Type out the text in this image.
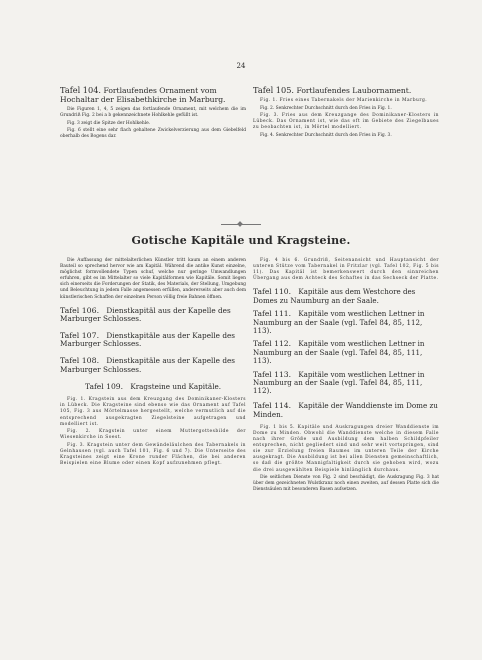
24
Tafel 104. Fortlaufendes Ornament vom Hochaltar der Elisabethkirche in Marburg.

Die Figuren 1, 4, 5 zeigen das fortlaufende Ornament, mit welchem die im Grundriß Fig. 2 bei a b gekennzeichnete Hohlkehle gefüllt ist.

Fig. 3 zeigt die Spitze der Hohlkehle.

Fig. 6 stellt eine sehr flach gehaltene Zwickelverzierung aus dem Giebelfeld oberhalb des Bogens dar.

Tafel 105. Fortlaufendes Laubornament.

Fig. 1. Fries eines Tabernakels der Marienkirche in Marburg.

Fig. 2. Senkrechter Durchschnitt durch den Fries in Fig. 1.

Fig. 3. Fries aus dem Kreuzgange des Dominikaner-Klosters in Lübeck. Das Ornament ist, wie das oft im Gebiete des Ziegelbaues zu beobachten ist, in Mörtel modelliert.

Fig. 4. Senkrechter Durchschnitt durch den Fries in Fig. 3.

Gotische Kapitäle und Kragsteine.

Die Auffassung der mittelalterlichen Künstler tritt kaum an einem anderen Bauteil so sprechend hervor wie am Kapitäl. Während die antike Kunst einzelne, möglichst formvollendete Typen schuf, welche nur geringe Umwandlungen erfuhren, gibt es im Mittelalter so viele Kapitälformen wie Kapitäle. Somit liegen sich einerseits die Forderungen der Statik, des Materials, der Stellung, Umgebung und Beleuchtung in jedem Falle angemessen erfüllen, andererseits aber auch dem künstlerischen Schaffen der einzelnen Person völlig freie Bahnen öffnen.

Tafel 106. Dienstkapitäl aus der Kapelle des Marburger Schlosses.
Tafel 107. Dienstkapitäle aus der Kapelle des Marburger Schlosses.
Tafel 108. Dienstkapitäle aus der Kapelle des Marburger Schlosses.
Tafel 109. Kragsteine und Kapitäle.

Fig. 1. Kragstein aus dem Kreuzgang des Dominikaner-Klosters in Lübeck. Die Kragsteine sind ebenso wie das Ornament auf Tafel 105, Fig. 3 aus Mörtelmasse hergestellt, welche vermutlich auf die entsprechend ausgekragten Ziegelsteine aufgetragen und modelliert ist.

Fig. 2. Kragstein unter einem Muttergottesbilde der Wiesenkirche in Soest.

Fig. 3. Kragstein unter dem Gewändeläulchen des Tabernakels in Gelnhausen (vgl. auch Tafel 101, Fig. 6 und 7). Die Unterseite des Kragsteines zeigt eine Krone runder Flächen, die bei anderen Beispielen eine Blume oder einen Kopf aufzunehmen pflegt.

Fig. 4 bis 6. Grundriß, Seitenansicht und Hauptansicht der unteren Stütze vom Tabernakel in Fritzlar (vgl. Tafel 102, Fig. 5 bis 11). Das Kapitäl ist bemerkenswert durch den sinnreichen Übergang aus dem Achteck des Schaftes in das Sechseck der Platte.

Tafel 110. Kapitäle aus dem Westchore des Domes zu Naumburg an der Saale.
Tafel 111. Kapitäle vom westlichen Lettner in Naumburg an der Saale (vgl. Tafel 84, 85, 112, 113).
Tafel 112. Kapitäle vom westlichen Lettner in Naumburg an der Saale (vgl. Tafel 84, 85, 111, 113).
Tafel 113. Kapitäle vom westlichen Lettner in Naumburg an der Saale (vgl. Tafel 84, 85, 111, 112).
Tafel 114. Kapitäle der Wanddienste im Dome zu Minden.

Fig. 1 bis 5. Kapitäle und Auskragungen dreier Wanddienste im Dome zu Minden. Obwohl die Wanddienste welche in diesem Falle nach ihrer Größe und Ausbildung dem halben Schildpfeiler entsprechen, nicht gegliedert sind und sehr weit vortspringen, sind sie zur Erzielung freien Raumes im unteren Teile der Kirche ausgekragt. Die Ausbildung ist bei allen Diensten gemeinschaftlich, so daß die größte Mannigfaltigkeit durch sie gehoben wird, wozu die drei ausgewählten Beispiele hinlänglich durchaus.

Die seitlichen Dienste von Fig. 2 sind beschädigt, die Auskragung Fig. 3 hat über dem gezeichneten Wulstkranz noch einen zweiten, auf dessen Platte sich die Dienstsäulen mit besonderen Basen aufsetzen.
